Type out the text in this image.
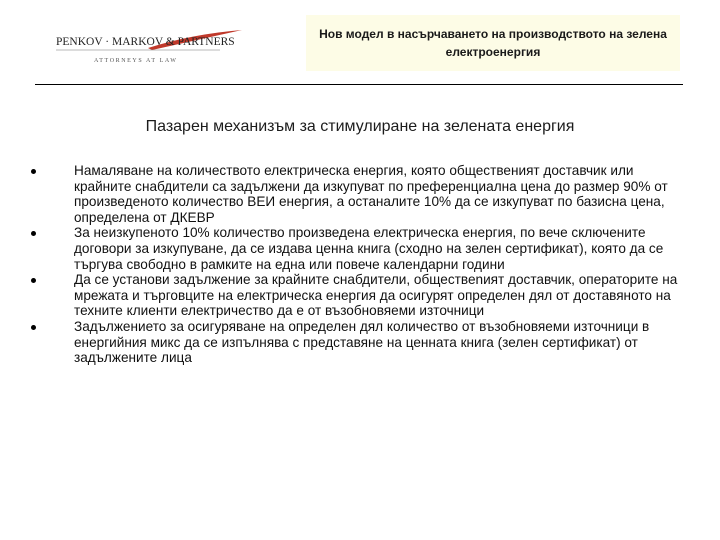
PENKOV · MARKOV & PARTNERS
ATTORNEYS AT LAW
Нов модел в насърчаването на производството на зелена електроенергия
Пазарен механизъм за стимулиране на зелената енергия
Намаляване на количеството електрическа енергия, която общественият доставчик или крайните снабдители са задължени да изкупуват по преференциална цена до размер 90% от произведеното количество ВЕИ енергия, а останалите 10% да се изкупуват по базисна цена, определена от ДКЕВР
За неизкупеното 10% количество произведена електрическа енергия, по вече сключените договори за изкупуване, да се издава ценна книга (сходно на зелен сертификат), която да се търгува свободно в рамките на една или повече календарни години
Да се установи задължение за крайните снабдители, обществеnият доставчик, операторите на мрежата и търговците на електрическа енергия да осигурят определен дял от доставяното на техните клиенти електричество да е от възобновяеми източници
Задължението за осигуряване на определен дял количество от възобновяеми източници в енергийния микс да се изпълнява с представяне на ценната книга (зелен сертификат) от задължените лица
